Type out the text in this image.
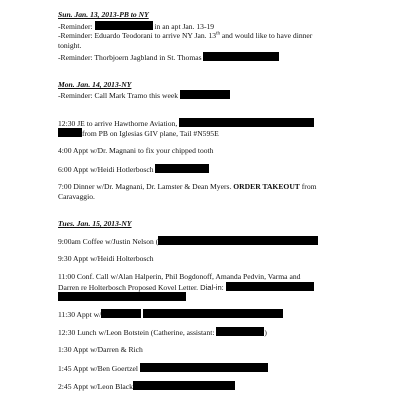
Sun. Jan. 13, 2013-PB to NY
-Reminder:	in an apt Jan. 13-19
-Reminder: Eduardo Teodorani to arrive NY Jan. 13th and would like to have dinner
tonight.
-Reminder: Thorbjoern Jagbland in St. Thomas
Mon. Jan. 14, 2013-NY
-Reminder: Call Mark Tramo this week
12:30 JE to arrive Hawthorne Aviation,
from PB on Iglesias GIV plane, Tail #N595E
4:00 Appt w/Dr. Magnani to fix your chipped tooth
6:00 Appt w/Heidi Hotlerbosch
7:00 Dinner w/Dr. Magnani, Dr. Lamster & Dean Myers. ORDER TAKEOUT from
Caravaggio.
Tues. Jan. 15, 2013-NY
9:00am Coffee w/Justin Nelson (
9:30 Appt w/Heidi Holterbosch
11:00 Conf. Call w/Alan Halperin, Phil Bogdonoff, Amanda Pedvin, Varma and
Darren re Holterbosch Proposed Kovel Letter. Dial-in:
11:30 Appt w/
12:30 Lunch w/Leon Botstein (Catherine, assistant:	)
1:30 Appt w/Darren & Rich
1:45 Appt w/Ben Goertzel
2:45 Appt w/Leon Black
